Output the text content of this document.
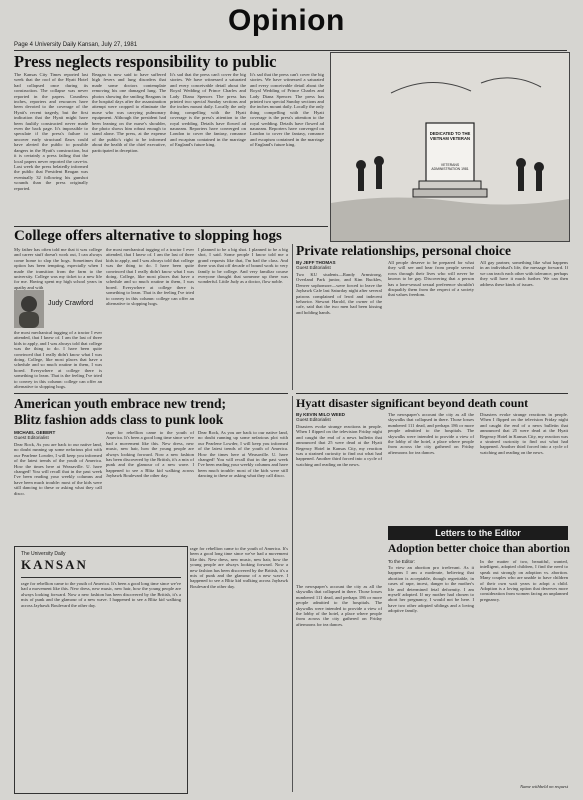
Opinion
Page 4 University Daily Kansan, July 27, 1981
Press neglects responsibility to public
The Kansas City Times reported last week that the roof of the Hyatt Hotel had collapsed once during its construction. The collapse was never reported in the papers. Countless inches, reporters and resources have been devoted to the coverage of the Hyatt's recent tragedy, but the first indication that the Hyatt might have been faultily constructed never made even the back page. It's impossible to speculate if the press's failure to uncover early structural flaws could have alerted the public to possible dangers in the Hyatt's construction, but it is certainly a press failing that the local papers never reported the cave-in. Last week the press belatedly informed the public that President Reagan was eventually 32 following his gunshot wounds than the press originally reported.
Reagan is now said to have suffered high fevers and lung disorders that made some doctors contemplate removing his one damaged lung. The photos showing the smiling Reagans in the hospital days after the assassination attempt were cropped to eliminate the nurse who was carrying pulmonary equipment. Although the president had been leaning on the nurse's shoulder, the photo shows him robust enough to stand alone. The press, at the expense of the public's right to be informed about the health of the chief executive, participated in deception.
It's sad that the press can't cover the big stories. We have witnessed a saturated and every conceivable detail about the Royal Wedding of Prince Charles and Lady Diana Spencer. The press has printed two special Sunday sections and the inches mount daily. Locally the only thing compelling with the Hyatt coverage is the press's attention to the royal wedding. Details have flowed ad nauseam. Reporters have converged on London to cover the fantasy, romance and escapism contained in the marriage of England's future king.
It's sad that the press can't cover the big stories. We have witnessed a saturated and every conceivable detail about the Royal Wedding of Prince Charles and Lady Diana Spencer. The press has printed two special Sunday sections and the inches mount daily. Locally the only thing compelling with the Hyatt coverage is the press's attention to the royal wedding. Details have flowed ad nauseam. Reporters have converged on London to cover the fantasy, romance and escapism contained in the marriage of England's future king.
DEDICATED TO THE VIETNAM VETERAN
VETERANS ADMINISTRATION 1981
College offers alternative to slopping hogs
My father has often told me that it was college and career stuff doesn't work out, I can always come home to slop the hogs. Sometimes that option has been tempting, especially when I made the transition from the farm to the university. College was my ticket to a new life for me. Having spent my high school years in apathy and with
Judy Crawford
the most mechanical tugging of a tractor I ever attended, that I knew of. I am the last of three kids to apply, and I was always told that college was the thing to do. I have been quite convinced that I really didn't know what I was doing. College, like most places that have a schedule and so much routine in them, I was bored. Everywhere at college there is something to learn. That is the feeling I've tried to convey in this column: college can offer an alternative to slopping hogs.
the most mechanical tugging of a tractor I ever attended, that I knew of. I am the last of three kids to apply, and I was always told that college was the thing to do. I have been quite convinced that I really didn't know what I was doing. College, like most places that have a schedule and so much routine in them, I was bored. Everywhere at college there is something to learn. That is the feeling I've tried to convey in this column: college can offer an alternative to slopping hogs.
I planned to be a big shot. I planned to be a big shot, I said. Some people I know told me a grand requests like that, I'm bad the class. And there was that off decade of bound work to very family to be college. And very familiar course everyone thought that someone up there was wonderful. Little Judy as a doctor, flow noble.
Private relationships, personal choice
By JEFF THOMAS
Guest Editorialist
Two KU students—Randy Armstrong, Overland Park junior, and Kim Buckles, Denver sophomore—were forced to leave the Jayhawk Cafe last Saturday night after several patrons complained of lewd and indecent behavior. Stewart Harold, the owner of the cafe, said that the two men had been kissing and holding hands.
All people deserve to be prepared for what they will see and hear from people several rows through their lives who will never be known to be gay. Discovering that a person has a lone-sexual sexual preference shouldn't disqualify them from the respect of a society that values freedom.
All gay partner, something like what happens in an individual's life, the message forward. If we can teach each other with tolerance, perhaps they will have it much further. We can then address these kinds of issues.
American youth embrace new trend;
Blitz fashion adds class to punk look
MICHAEL GEBERT
Guest Editorialist
Dear Rock, As you are back to our native land, no doubt running up some nefarious plot with our Pearlene Lowder, I will keep you informed of the latest trends of the youth of America. How the times here at Weasaville. U. have changed! You will recall that in the past week I've been reading your weekly columns and have been much trouble: most of the kids were still dancing to these or asking what they call disco.
rage for rebellion came to the youth of America. It's been a good long time since we've had a movement like this. New dress, new music, new hair, how the young people are always looking forward. Now a new fashion has been discovered by the British, it's a mix of punk and the glamour of a new wave. I happened to see a Blitz kid walking across Jayhawk Boulevard the other day.
Dear Rock, As you are back to our native land, no doubt running up some nefarious plot with our Pearlene Lowder, I will keep you informed of the latest trends of the youth of America. How the times here at Weasaville. U. have changed! You will recall that in the past week I've been reading your weekly columns and have been much trouble: most of the kids were still dancing to these or asking what they call disco.
The University Daily
KANSAN
rage for rebellion came to the youth of America. It's been a good long time since we've had a movement like this. New dress, new music, new hair, how the young people are always looking forward. Now a new fashion has been discovered by the British, it's a mix of punk and the glamour of a new wave. I happened to see a Blitz kid walking across Jayhawk Boulevard the other day.
rage for rebellion came to the youth of America. It's been a good long time since we've had a movement like this. New dress, new music, new hair, how the young people are always looking forward. Now a new fashion has been discovered by the British, it's a mix of punk and the glamour of a new wave. I happened to see a Blitz kid walking across Jayhawk Boulevard the other day.
Hyatt disaster significant beyond death count
By KEVIN MILO WEED
Guest Editorialist
Disasters evoke strange reactions in people. When I flipped on the television Friday night and caught the end of a news bulletin that announced that 25 were dead at the Hyatt Regency Hotel in Kansas City, my reaction was a strained curiosity to find out what had happened. Another third forced into a cycle of watching and reading on the news.
The newspaper's account the city as all the skywalks that collapsed in there. Those losses numbered 111 dead, and perhaps 186 or more people admitted to the hospitals. The skywalks were intended to provide a view of the lobby of the hotel, a place where people from across the city gathered on Friday afternoons for tea dances.
Disasters evoke strange reactions in people. When I flipped on the television Friday night and caught the end of a news bulletin that announced that 25 were dead at the Hyatt Regency Hotel in Kansas City, my reaction was a strained curiosity to find out what had happened. Another third forced into a cycle of watching and reading on the news.
Letters to the Editor
Adoption better choice than abortion
To the Editor:
To view an abortion pro irrelevant. As it happens I am a moderate, believing that abortion is acceptable, though regrettable, in cases of rape, incest, danger to the mother's life and determined fetal deformity. I am myself adopted. If my mother had chosen to abort her pregnancy, I would not be here. I have two other adopted siblings and a loving adoptive family.
In the matter of two, beautiful, wanted, intelligent, adopted children, I find the need to speak out strongly on adoption vs. abortion. Many couples who are unable to have children of their own wait years to adopt a child. Adoption is a loving option that deserves more consideration from women facing an unplanned pregnancy.
Name withheld on request
The newspaper's account the city as all the skywalks that collapsed in there. Those losses numbered 111 dead, and perhaps 186 or more people admitted to the hospitals. The skywalks were intended to provide a view of the lobby of the hotel, a place where people from across the city gathered on Friday afternoons for tea dances.
